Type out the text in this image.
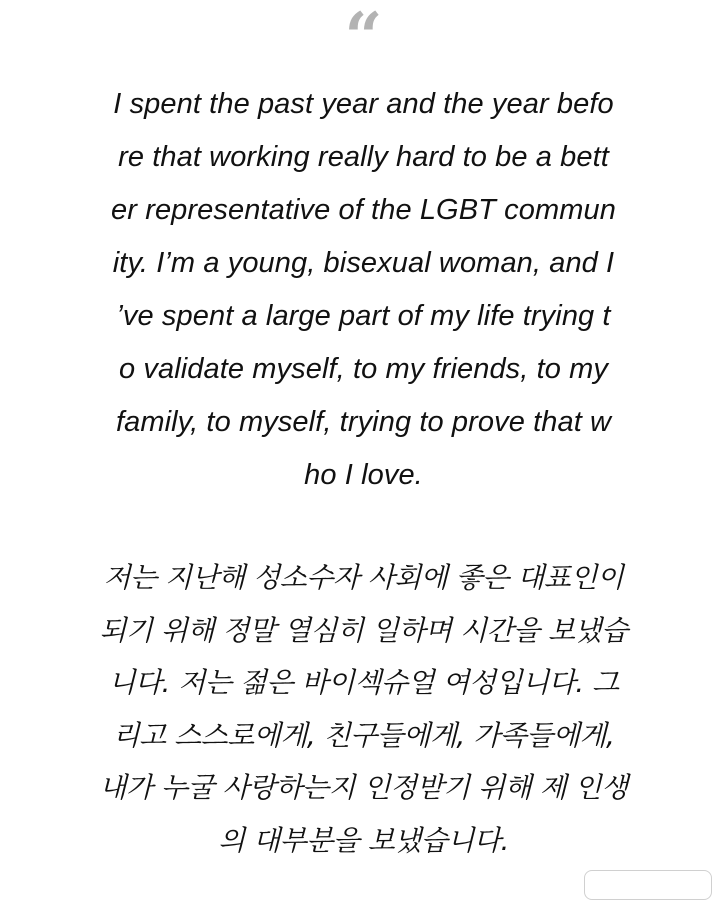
“
I spent the past year and the year befo
re that working really hard to be a bett
er representative of the LGBT commun
ity. I’m a young, bisexual woman, and I
’ve spent a large part of my life trying t
o validate myself, to my friends, to my
family, to myself, trying to prove that w
ho I love.
저는 지난해 성소수자 사회에 좋은 대표인이
되기 위해 정말 열심히 일하며 시간을 보냈습
니다. 저는 젊은 바이섹슈얼 여성입니다. 그
리고 스스로에게, 친구들에게, 가족들에게,
내가 누굴 사랑하는지 인정받기 위해 제 인생
의 대부분을 보냈습니다.
